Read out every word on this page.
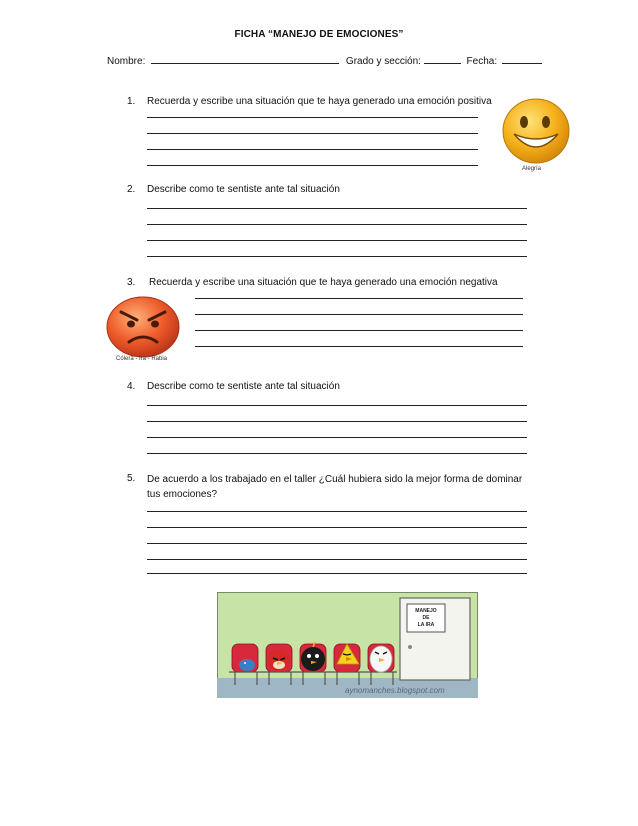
FICHA “MANEJO DE EMOCIONES”
Nombre:	Grado y sección:	Fecha:
1. Recuerda y escribe una situación que te haya generado una emoción positiva
Alegría
2. Describe como te sentiste ante tal situación
3. Recuerda y escribe una situación que te haya generado una emoción negativa
Cólera - Ira - Rabia
4. Describe como te sentiste ante tal situación
5. De acuerdo a los trabajado en el taller ¿Cuál hubiera sido la mejor forma de dominar tus emociones?
MANEJO
DE
LA IRA
aynomanches.blogspot.com
